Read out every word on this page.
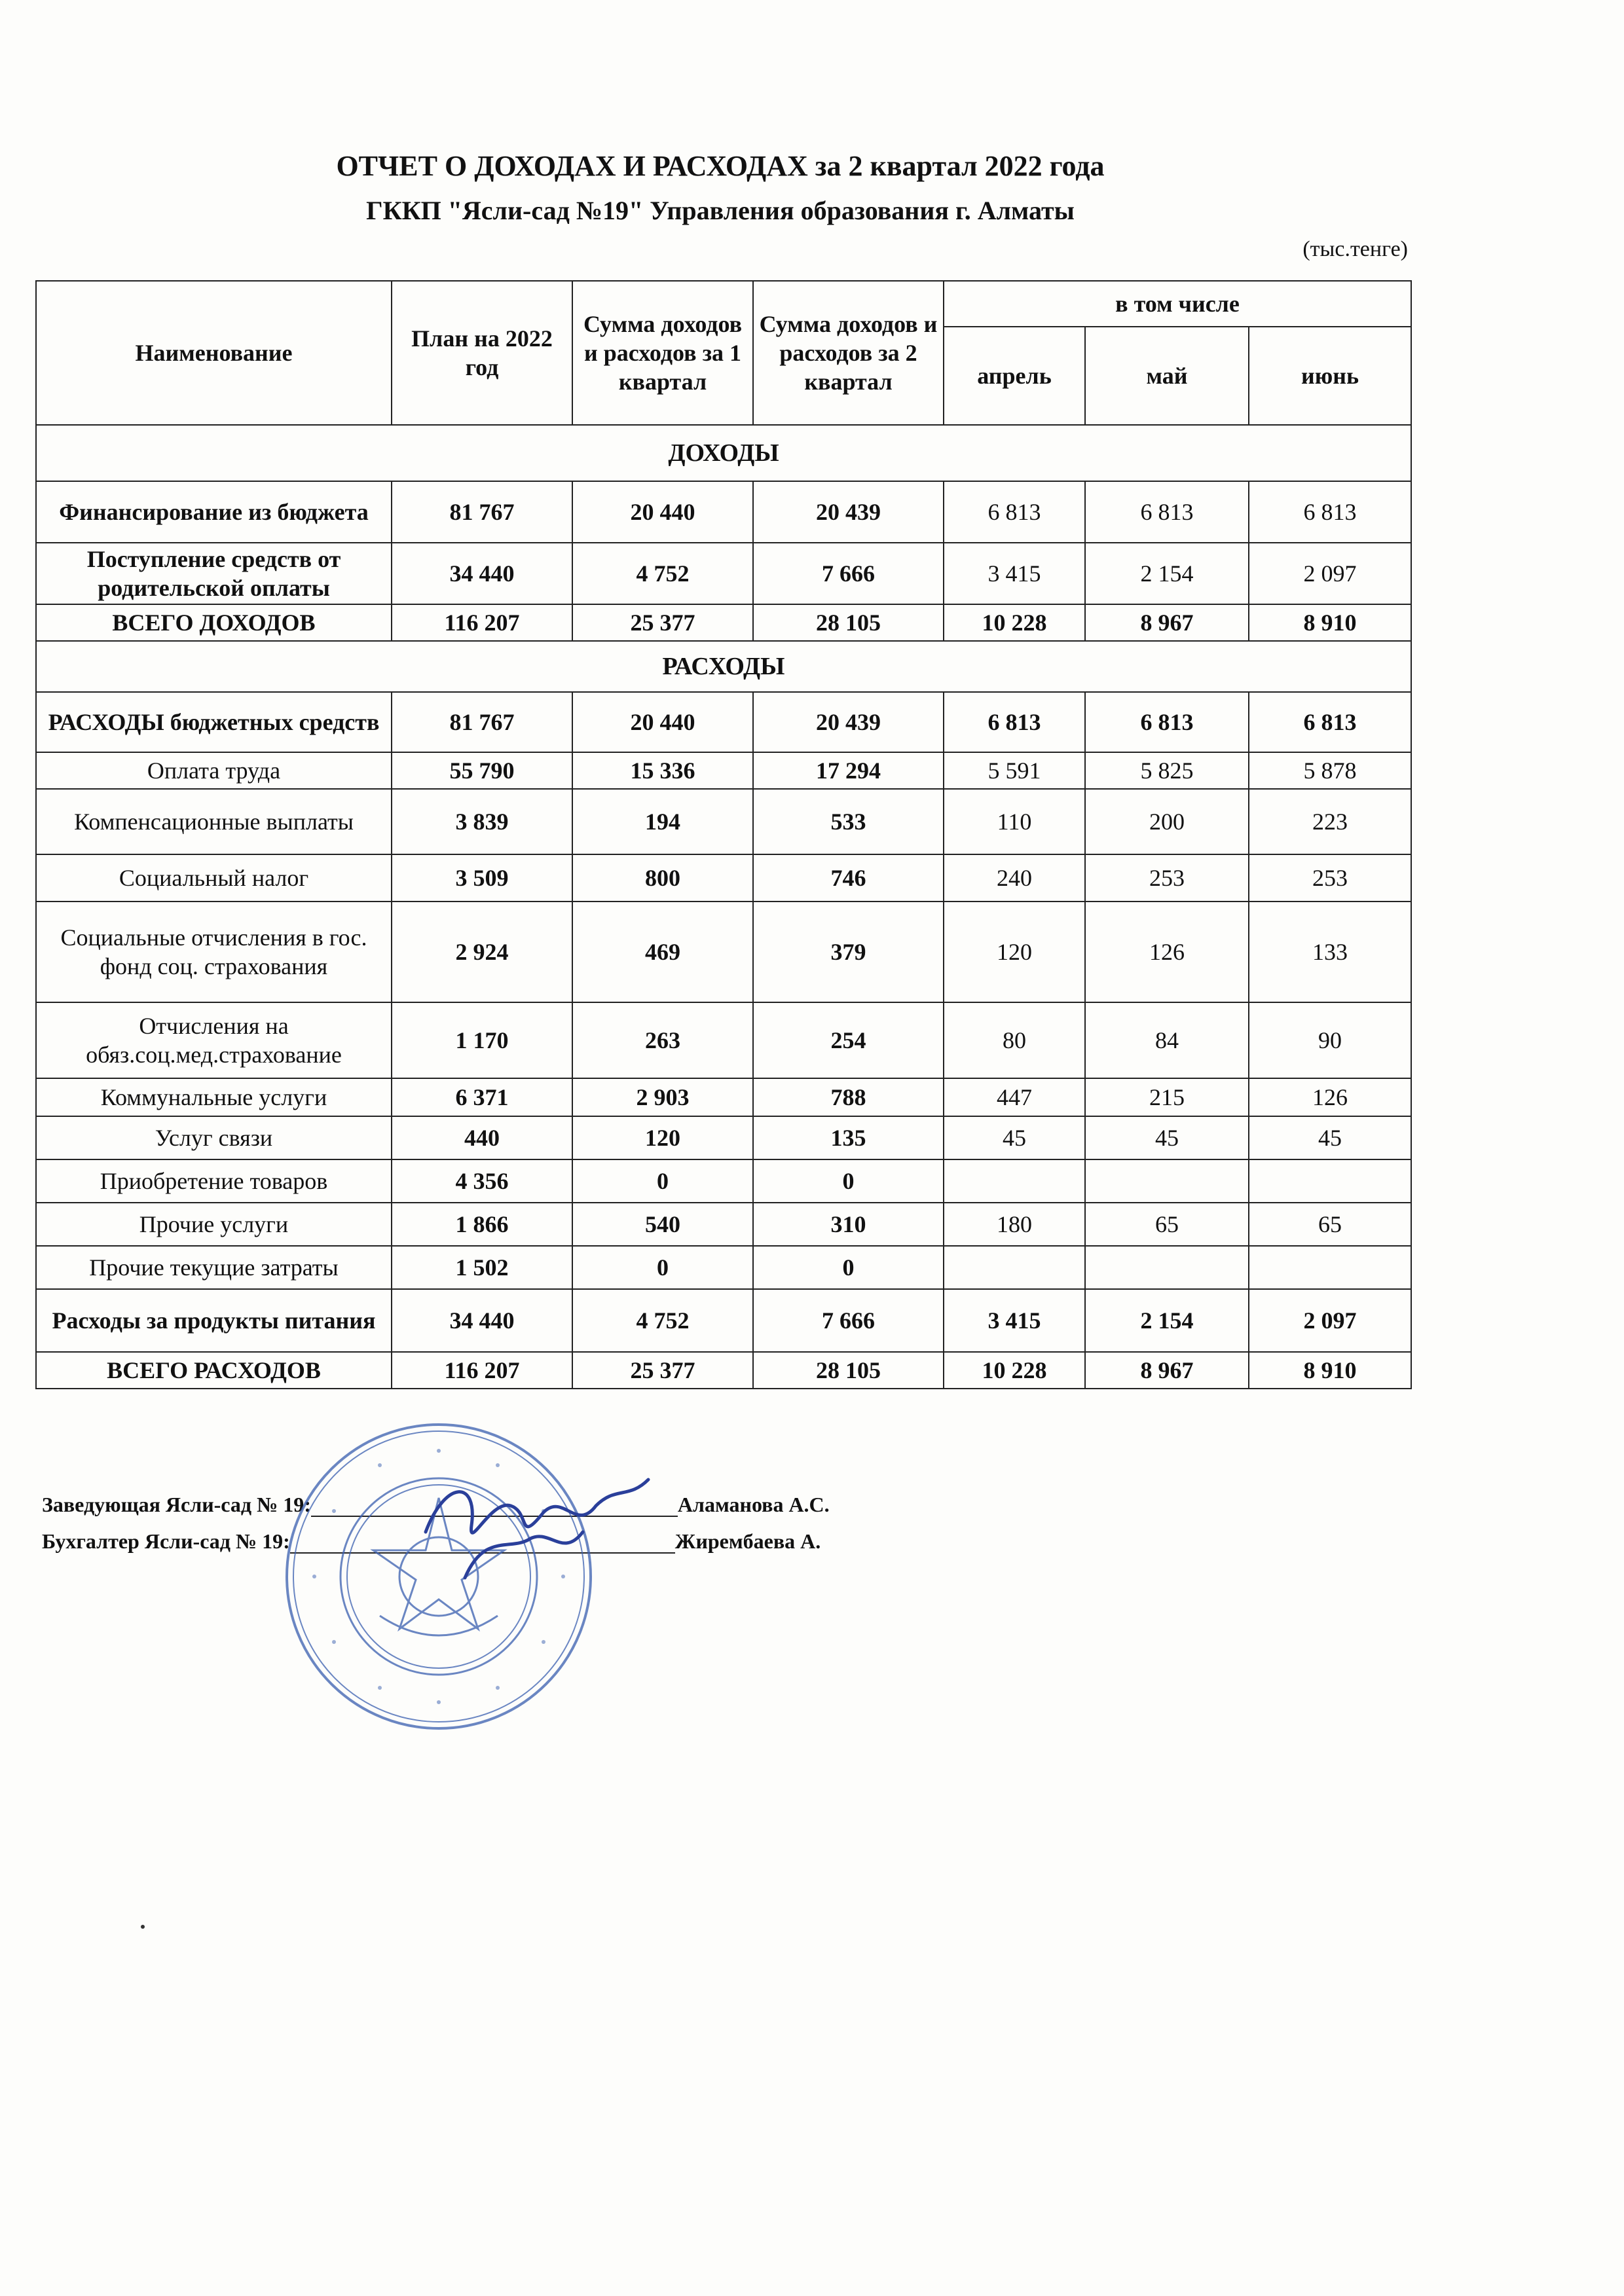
ОТЧЕТ О ДОХОДАХ И РАСХОДАХ за 2 квартал 2022 года
ГККП "Ясли-сад №19" Управления образования г. Алматы
(тыс.тенге)
Наименование	План на 2022 год	Сумма доходов и расходов за 1 квартал	Сумма доходов и расходов за 2 квартал	в том числе		
				апрель	май	июнь
ДОХОДЫ						
Финансирование из бюджета	81 767	20 440	20 439	6 813	6 813	6 813
Поступление средств от родительской оплаты	34 440	4 752	7 666	3 415	2 154	2 097
ВСЕГО ДОХОДОВ	116 207	25 377	28 105	10 228	8 967	8 910
РАСХОДЫ						
РАСХОДЫ бюджетных средств	81 767	20 440	20 439	6 813	6 813	6 813
Оплата труда	55 790	15 336	17 294	5 591	5 825	5 878
Компенсационные выплаты	3 839	194	533	110	200	223
Социальный налог	3 509	800	746	240	253	253
Социальные отчисления в гос. фонд соц. страхования	2 924	469	379	120	126	133
Отчисления на обяз.соц.мед.страхование	1 170	263	254	80	84	90
Коммунальные услуги	6 371	2 903	788	447	215	126
Услуг связи	440	120	135	45	45	45
Приобретение товаров	4 356	0	0			
Прочие услуги	1 866	540	310	180	65	65
Прочие текущие затраты	1 502	0	0			
Расходы за продукты питания	34 440	4 752	7 666	3 415	2 154	2 097
ВСЕГО РАСХОДОВ	116 207	25 377	28 105	10 228	8 967	8 910
Заведующая Ясли-сад № 19:	Аламанова А.С.
Бухгалтер Ясли-сад № 19:	Жирембаева А.
